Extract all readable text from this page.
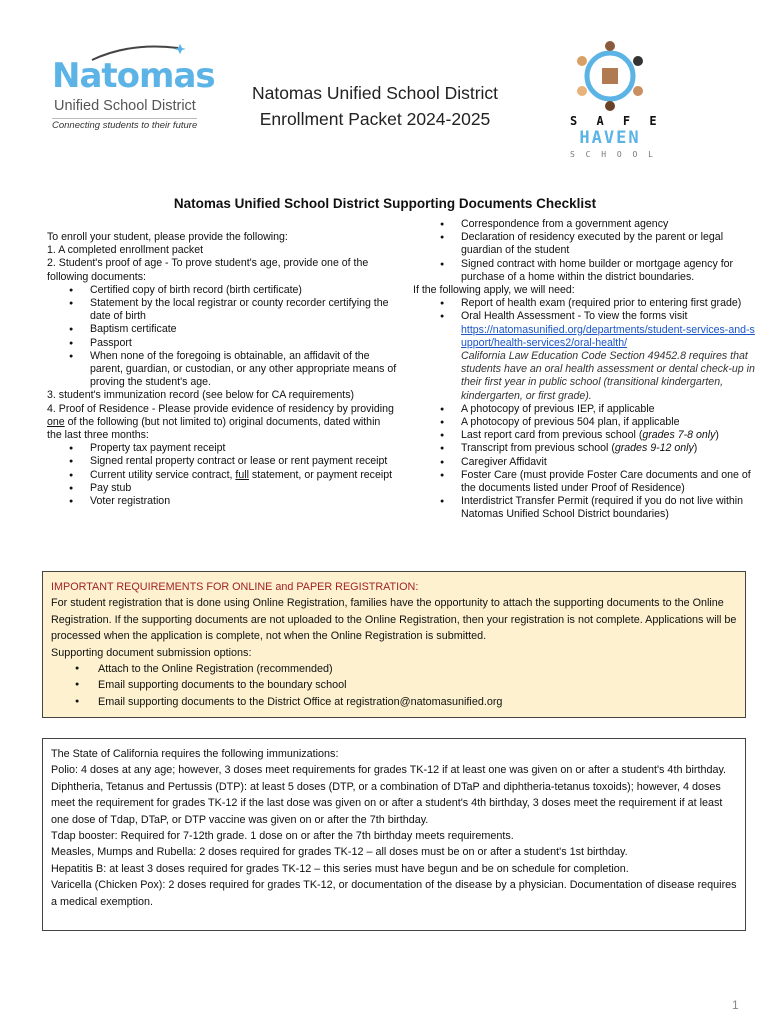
Natomas
Unified School District
Connecting students to their future
Natomas Unified School District
Enrollment Packet 2024-2025	S A F E
HAVEN
S C H O O L
Natomas Unified School District Supporting Documents Checklist
To enroll your student, please provide the following:
1. A completed enrollment packet
2. Student's proof of age - To prove student's age, provide one of the following documents:
● Certified copy of birth record (birth certificate)
● Statement by the local registrar or county recorder certifying the date of birth
● Baptism certificate
● Passport
● When none of the foregoing is obtainable, an affidavit of the parent, guardian, or custodian, or any other appropriate means of proving the student's age.
3. student's immunization record (see below for CA requirements)
4. Proof of Residence - Please provide evidence of residency by providing one of the following (but not limited to) original documents, dated within the last three months:
● Property tax payment receipt
● Signed rental property contract or lease or rent payment receipt
● Current utility service contract, full statement, or payment receipt
● Pay stub
● Voter registration
● Correspondence from a government agency
● Declaration of residency executed by the parent or legal guardian of the student
● Signed contract with home builder or mortgage agency for purchase of a home within the district boundaries.
If the following apply, we will need:
● Report of health exam (required prior to entering first grade)
● Oral Health Assessment - To view the forms visit
https://natomasunified.org/departments/student-services-and-support/health-services2/oral-health/
California Law Education Code Section 49452.8 requires that students have an oral health assessment or dental check-up in their first year in public school (transitional kindergarten, kindergarten, or first grade).
● A photocopy of previous IEP, if applicable
● A photocopy of previous 504 plan, if applicable
● Last report card from previous school (grades 7-8 only)
● Transcript from previous school (grades 9-12 only)
● Caregiver Affidavit
● Foster Care (must provide Foster Care documents and one of the documents listed under Proof of Residence)
● Interdistrict Transfer Permit (required if you do not live within Natomas Unified School District boundaries)
IMPORTANT REQUIREMENTS FOR ONLINE and PAPER REGISTRATION:
For student registration that is done using Online Registration, families have the opportunity to attach the supporting documents to the Online Registration. If the supporting documents are not uploaded to the Online Registration, then your registration is not complete. Applications will be processed when the application is complete, not when the Online Registration is submitted.
Supporting document submission options:
● Attach to the Online Registration (recommended)
● Email supporting documents to the boundary school
● Email supporting documents to the District Office at registration@natomasunified.org
The State of California requires the following immunizations:
Polio: 4 doses at any age; however, 3 doses meet requirements for grades TK-12 if at least one was given on or after a student's 4th birthday.
Diphtheria, Tetanus and Pertussis (DTP): at least 5 doses (DTP, or a combination of DTaP and diphtheria-tetanus toxoids); however, 4 doses meet the requirement for grades TK-12 if the last dose was given on or after a student's 4th birthday, 3 doses meet the requirement if at least one dose of Tdap, DTaP, or DTP vaccine was given on or after the 7th birthday.
Tdap booster: Required for 7-12th grade. 1 dose on or after the 7th birthday meets requirements.
Measles, Mumps and Rubella: 2 doses required for grades TK-12 – all doses must be on or after a student's 1st birthday.
Hepatitis B: at least 3 doses required for grades TK-12 – this series must have begun and be on schedule for completion.
Varicella (Chicken Pox): 2 doses required for grades TK-12, or documentation of the disease by a physician. Documentation of disease requires a medical exemption.
1
